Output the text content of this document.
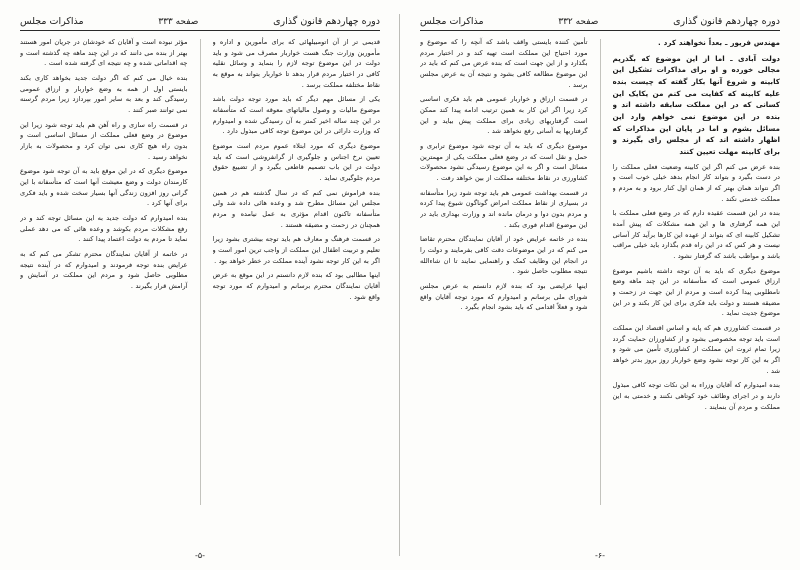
دوره چهاردهم قانون گذاری
صفحه ۳۳۲
مذاکرات مجلس

مهندس فریور ـ بعداً نخواهند کرد .

دولت آبادی ـ اما از این موضوع که بگذریم مجالی خورده و او برای مذاکرات تشکیل این کابینه و شروع آنها بکار گفته که چیست بنده علیه کابینه که کفایت می کنم من یکایک این کسانی که در این مملکت سابقه داشته اند و بنده در این موضوع نمی خواهم وارد این مسائل بشوم و اما در پایان این مذاکرات که اظهار داشته اند که از مجلس رای بگیرند و برای کابینه مهلت تعیین کنند

بنده عرض می کنم اگر این کابینه وضعیت فعلی مملکت را در دست بگیرد و بتواند کار انجام بدهد خیلی خوب است و اگر نتواند همان بهتر که از همان اول کنار برود و به مردم و مملکت خدمتی نکند .

بنده در این قسمت عقیده دارم که در وضع فعلی مملکت با این همه گرفتاری ها و این همه مشکلات که پیش آمده تشکیل کابینه ای که بتواند از عهده این کارها برآید کار آسانی نیست و هر کس که در این راه قدم بگذارد باید خیلی مراقب باشد و مواظب باشد که گرفتار نشود .

موضوع دیگری که باید به آن توجه داشته باشیم موضوع ارزاق عمومی است که متأسفانه در این چند ماهه وضع نامطلوبی پیدا کرده است و مردم از این جهت در زحمت و مضیقه هستند و دولت باید فکری برای این کار بکند و در این موضوع جدیت نماید .

در قسمت کشاورزی هم که پایه و اساس اقتصاد این مملکت است باید توجه مخصوصی بشود و از کشاورزان حمایت گردد زیرا تمام ثروت این مملکت از کشاورزی تأمین می شود و اگر به این کار توجه نشود وضع خواربار روز بروز بدتر خواهد شد .

بنده امیدوارم که آقایان وزراء به این نکات توجه کافی مبذول دارند و در اجرای وظائف خود کوتاهی نکنند و خدمتی به این مملکت و مردم آن بنمایند .

تأمین کننده بایستی واقف باشد که آنچه را که موضوع و مورد احتیاج این مملکت است تهیه کند و در اختیار مردم بگذارد و از این جهت است که بنده عرض می کنم که باید در این موضوع مطالعه کافی بشود و نتیجه آن به عرض مجلس برسد .

در قسمت ارزاق و خواربار عمومی هم باید فکری اساسی کرد زیرا اگر این کار به همین ترتیب ادامه پیدا کند ممکن است گرفتاریهای زیادی برای مملکت پیش بیاید و این گرفتاریها به آسانی رفع نخواهد شد .

موضوع دیگری که باید به آن توجه شود موضوع ترابری و حمل و نقل است که در وضع فعلی مملکت یکی از مهمترین مسائل است و اگر به این موضوع رسیدگی نشود محصولات کشاورزی در نقاط مختلفه مملکت از بین خواهد رفت .

در قسمت بهداشت عمومی هم باید توجه شود زیرا متأسفانه در بسیاری از نقاط مملکت امراض گوناگون شیوع پیدا کرده و مردم بدون دوا و درمان مانده اند و وزارت بهداری باید در این موضوع اقدام فوری بکند .

بنده در خاتمه عرایض خود از آقایان نمایندگان محترم تقاضا می کنم که در این موضوعات دقت کافی بفرمایند و دولت را در انجام این وظایف کمک و راهنمایی نمایند تا ان شاءالله نتیجه مطلوب حاصل شود .

اینها عرایضی بود که بنده لازم دانستم به عرض مجلس شورای ملی برسانم و امیدوارم که مورد توجه آقایان واقع شود و فعلاً اقدامی که باید بشود انجام بگیرد .

-۶-
دوره چهاردهم قانون گذاری
صفحه ۳۳۳
مذاکرات مجلس

قدیمی تر از آن اتومبیلهائی که برای مأمورین و اداره و مأمورین وزارت جنگ هست خواربار مصرف می شود و باید دولت در این موضوع توجه لازم را بنماید و وسائل نقلیه کافی در اختیار مردم قرار بدهد تا خواربار بتواند به موقع به نقاط مختلفه مملکت برسد .

یکی از مسائل مهم دیگر که باید مورد توجه دولت باشد موضوع مالیات و وصول مالیاتهای معوقه است که متأسفانه در این چند ساله اخیر کمتر به آن رسیدگی شده و امیدوارم که وزارت دارائی در این موضوع توجه کافی مبذول دارد .

موضوع دیگری که مورد ابتلاء عموم مردم است موضوع تعیین نرخ اجناس و جلوگیری از گرانفروشی است که باید دولت در این باب تصمیم قاطعی بگیرد و از تضییع حقوق مردم جلوگیری نماید .

بنده فراموش نمی کنم که در سال گذشته هم در همین مجلس این مسائل مطرح شد و وعده هائی داده شد ولی متأسفانه تاکنون اقدام مؤثری به عمل نیامده و مردم همچنان در زحمت و مضیقه هستند .

در قسمت فرهنگ و معارف هم باید توجه بیشتری بشود زیرا تعلیم و تربیت اطفال این مملکت از واجب ترین امور است و اگر به این کار توجه نشود آینده مملکت در خطر خواهد بود .

اینها مطالبی بود که بنده لازم دانستم در این موقع به عرض آقایان نمایندگان محترم برسانم و امیدوارم که مورد توجه واقع شود .

مؤثر نبوده است و آقایان که خودشان در جریان امور هستند بهتر از بنده می دانند که در این چند ماهه چه گذشته است و چه اقداماتی شده و چه نتیجه ای گرفته شده است .

بنده خیال می کنم که اگر دولت جدید بخواهد کاری بکند بایستی اول از همه به وضع خواربار و ارزاق عمومی رسیدگی کند و بعد به سایر امور بپردازد زیرا مردم گرسنه نمی توانند صبر کنند .

در قسمت راه سازی و راه آهن هم باید توجه شود زیرا این موضوع در وضع فعلی مملکت از مسائل اساسی است و بدون راه هیچ کاری نمی توان کرد و محصولات به بازار نخواهد رسید .

موضوع دیگری که در این موقع باید به آن توجه شود موضوع کارمندان دولت و وضع معیشت آنها است که متأسفانه با این گرانی روز افزون زندگی آنها بسیار سخت شده و باید فکری برای آنها کرد .

بنده امیدوارم که دولت جدید به این مسائل توجه کند و در رفع مشکلات مردم بکوشد و وعده هائی که می دهد عملی نماید تا مردم به دولت اعتماد پیدا کنند .

در خاتمه از آقایان نمایندگان محترم تشکر می کنم که به عرایض بنده توجه فرمودند و امیدوارم که در آینده نتیجه مطلوبی حاصل شود و مردم این مملکت در آسایش و آرامش قرار بگیرند .

-۵-
